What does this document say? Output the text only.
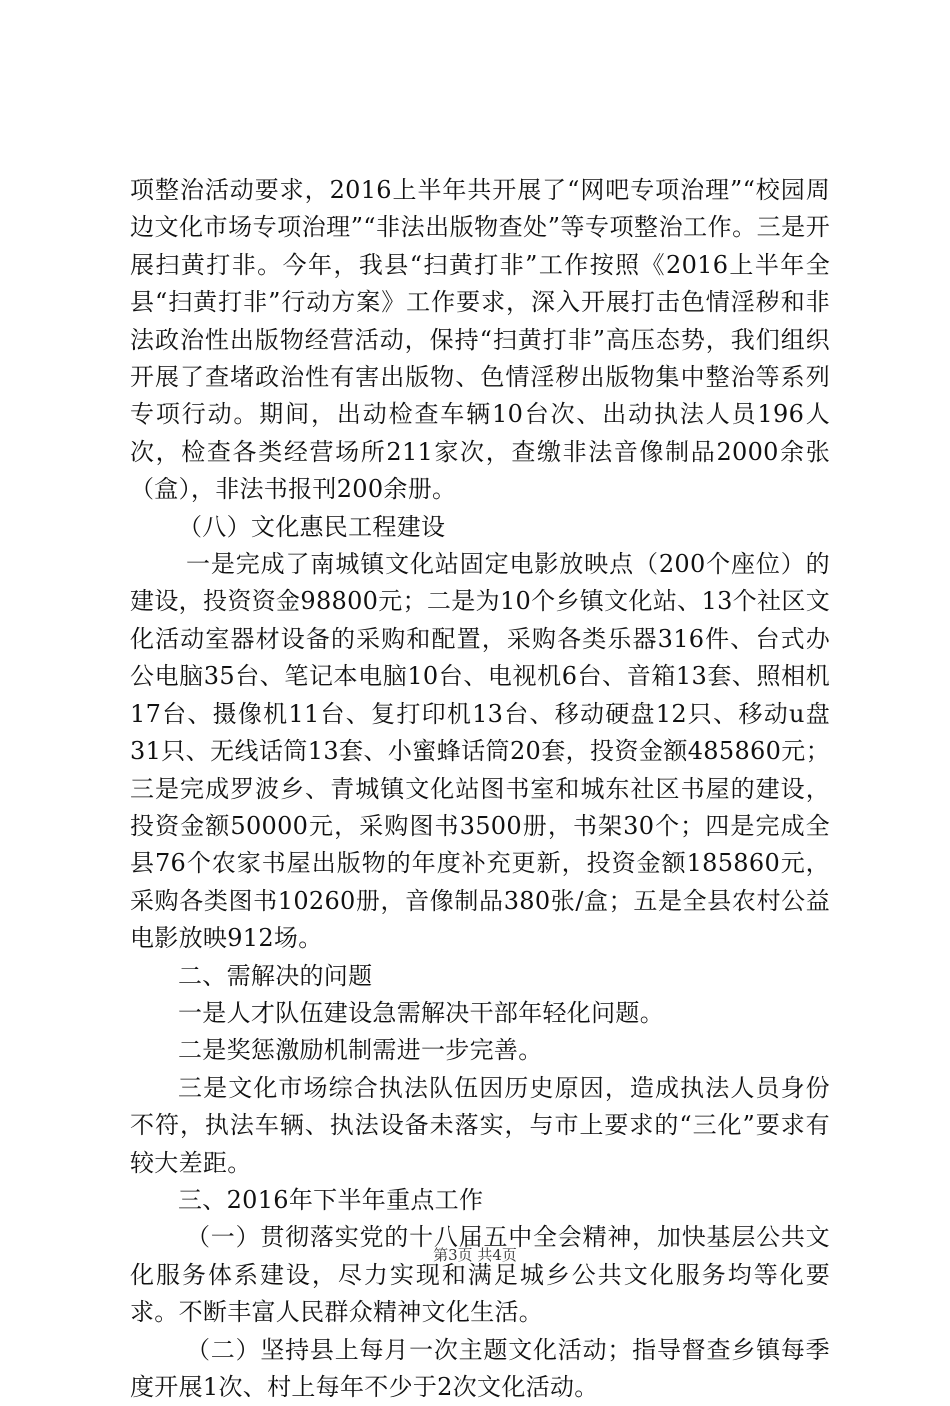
项整治活动要求，2016上半年共开展了“网吧专项治理”“校园周边文化市场专项治理”“非法出版物查处”等专项整治工作。三是开展扫黄打非。今年，我县“扫黄打非”工作按照《2016上半年全县“扫黄打非”行动方案》工作要求，深入开展打击色情淫秽和非法政治性出版物经营活动，保持“扫黄打非”高压态势，我们组织开展了查堵政治性有害出版物、色情淫秽出版物集中整治等系列专项行动。期间，出动检查车辆10台次、出动执法人员196人次，检查各类经营场所211家次，查缴非法音像制品2000余张（盒），非法书报刊200余册。

（八）文化惠民工程建设

一是完成了南城镇文化站固定电影放映点（200个座位）的建设，投资资金98800元；二是为10个乡镇文化站、13个社区文化活动室器材设备的采购和配置，采购各类乐器316件、台式办公电脑35台、笔记本电脑10台、电视机6台、音箱13套、照相机17台、摄像机11台、复打印机13台、移动硬盘12只、移动u盘31只、无线话筒13套、小蜜蜂话筒20套，投资金额485860元；三是完成罗波乡、青城镇文化站图书室和城东社区书屋的建设，投资金额50000元，采购图书3500册，书架30个；四是完成全县76个农家书屋出版物的年度补充更新，投资金额185860元，采购各类图书10260册，音像制品380张/盒；五是全县农村公益电影放映912场。

二、需解决的问题

一是人才队伍建设急需解决干部年轻化问题。

二是奖惩激励机制需进一步完善。

三是文化市场综合执法队伍因历史原因，造成执法人员身份不符，执法车辆、执法设备未落实，与市上要求的“三化”要求有较大差距。

三、2016年下半年重点工作

（一）贯彻落实党的十八届五中全会精神，加快基层公共文化服务体系建设，尽力实现和满足城乡公共文化服务均等化要求。不断丰富人民群众精神文化生活。

（二）坚持县上每月一次主题文化活动；指导督查乡镇每季度开展1次、村上每年不少于2次文化活动。

第3页 共4页
